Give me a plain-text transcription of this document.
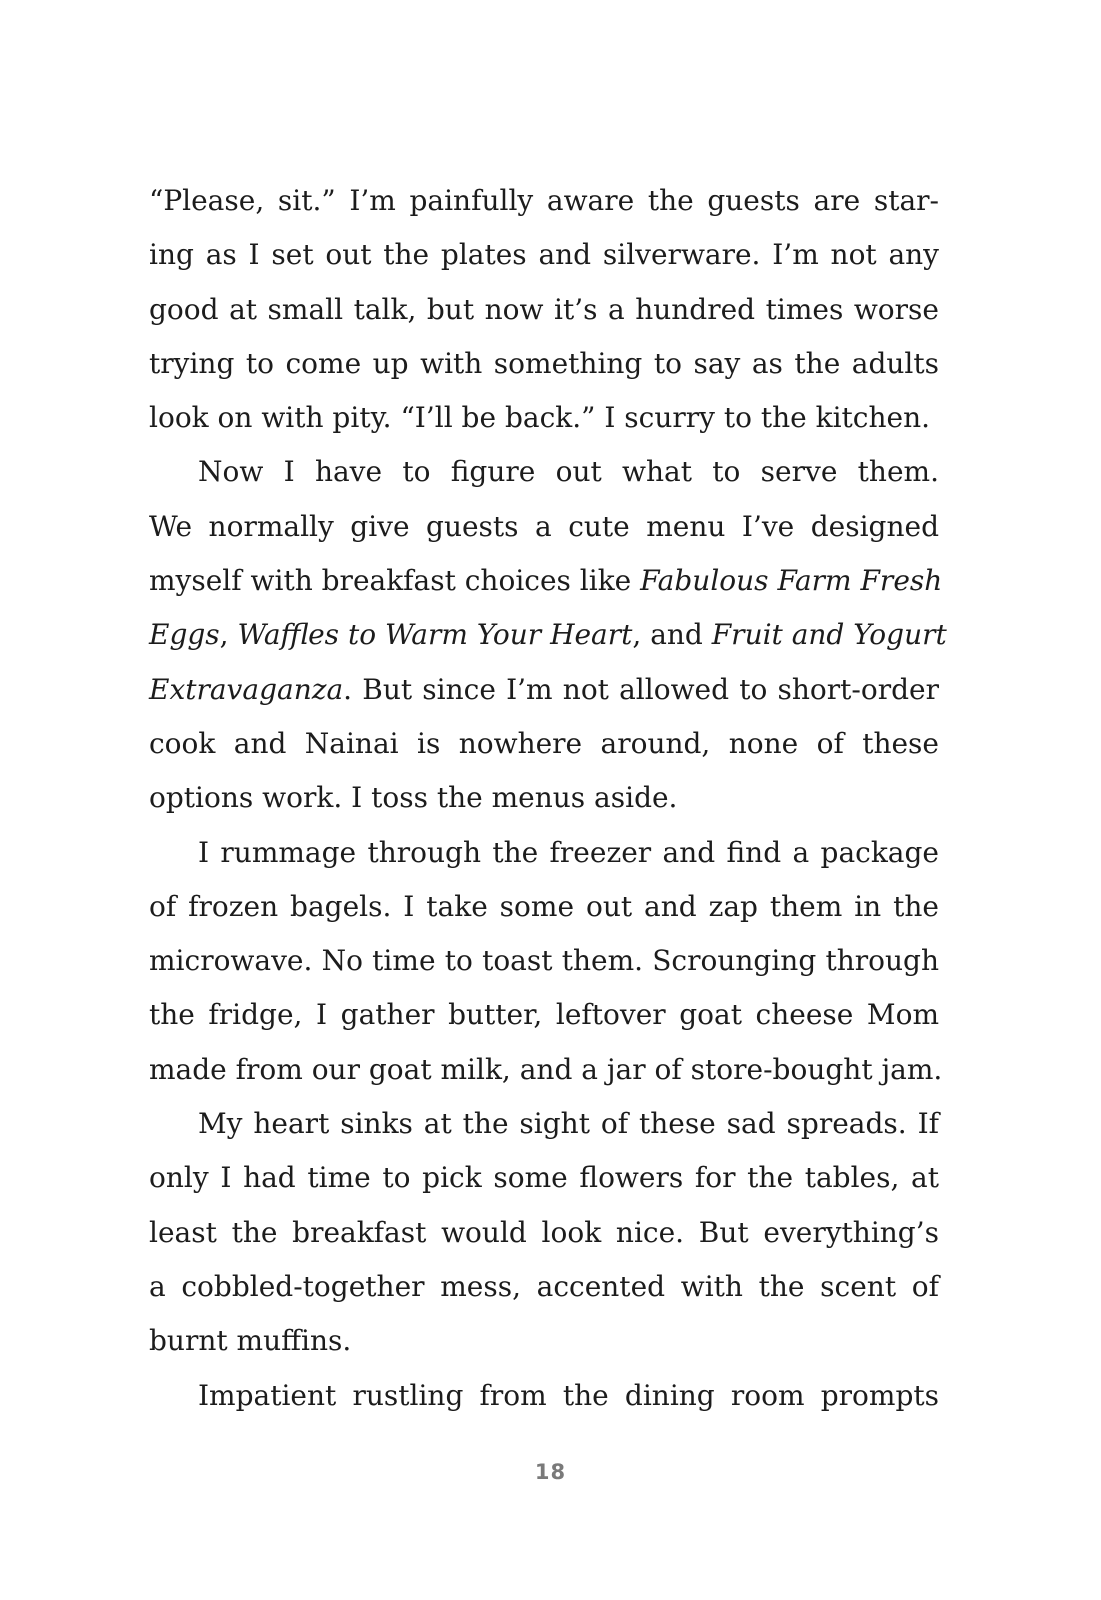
“Please, sit.” I’m painfully aware the guests are star-
ing as I set out the plates and silverware. I’m not any
good at small talk, but now it’s a hundred times worse
trying to come up with something to say as the adults
look on with pity. “I’ll be back.” I scurry to the kitchen.
Now I have to figure out what to serve them.
We normally give guests a cute menu I’ve designed
myself with breakfast choices like Fabulous Farm Fresh
Eggs, Waffles to Warm Your Heart, and Fruit and Yogurt
Extravaganza. But since I’m not allowed to short-order
cook and Nainai is nowhere around, none of these
options work. I toss the menus aside.
I rummage through the freezer and find a package
of frozen bagels. I take some out and zap them in the
microwave. No time to toast them. Scrounging through
the fridge, I gather butter, leftover goat cheese Mom
made from our goat milk, and a jar of store-bought jam.
My heart sinks at the sight of these sad spreads. If
only I had time to pick some flowers for the tables, at
least the breakfast would look nice. But everything’s
a cobbled-together mess, accented with the scent of
burnt muffins.
Impatient rustling from the dining room prompts
18
